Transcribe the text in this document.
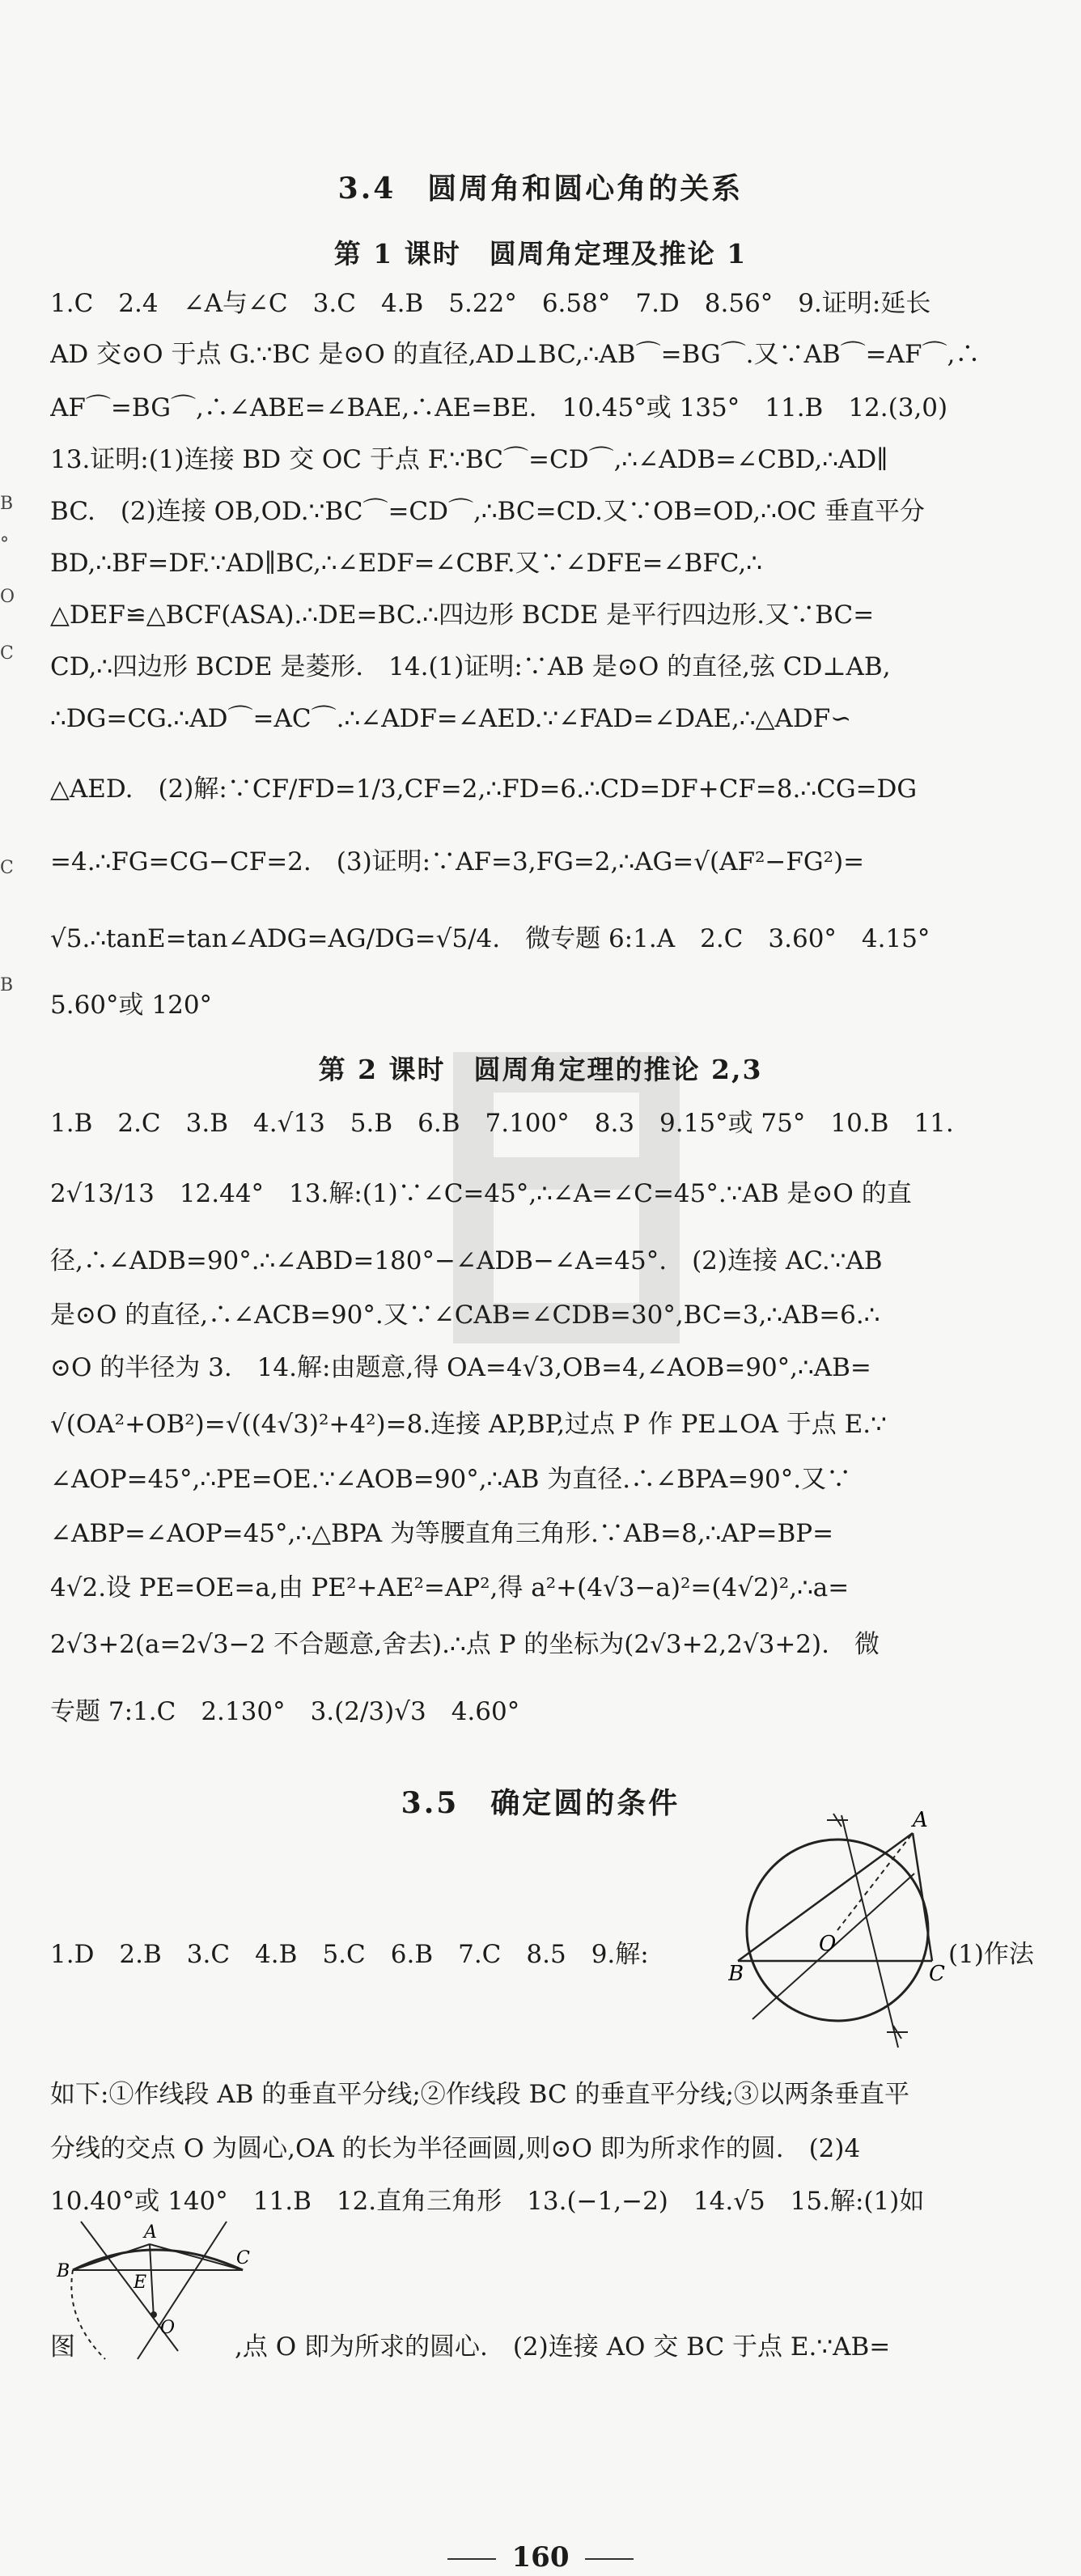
3.4　圆周角和圆心角的关系
第 1 课时　圆周角定理及推论 1
1.C　2.4　∠A与∠C　3.C　4.B　5.22°　6.58°　7.D　8.56°　9.证明:延长
AD 交⊙O 于点 G.∵BC 是⊙O 的直径,AD⊥BC,∴AB⌒=BG⌒.又∵AB⌒=AF⌒,∴
AF⌒=BG⌒,∴∠ABE=∠BAE,∴AE=BE.　10.45°或 135°　11.B　12.(3,0)
13.证明:(1)连接 BD 交 OC 于点 F.∵BC⌒=CD⌒,∴∠ADB=∠CBD,∴AD∥
BC.　(2)连接 OB,OD.∵BC⌒=CD⌒,∴BC=CD.又∵OB=OD,∴OC 垂直平分
BD,∴BF=DF.∵AD∥BC,∴∠EDF=∠CBF.又∵∠DFE=∠BFC,∴
△DEF≌△BCF(ASA).∴DE=BC.∴四边形 BCDE 是平行四边形.又∵BC=
CD,∴四边形 BCDE 是菱形.　14.(1)证明:∵AB 是⊙O 的直径,弦 CD⊥AB,
∴DG=CG.∴AD⌒=AC⌒.∴∠ADF=∠AED.∵∠FAD=∠DAE,∴△ADF∽
△AED.　(2)解:∵CF/FD=1/3,CF=2,∴FD=6.∴CD=DF+CF=8.∴CG=DG
=4.∴FG=CG−CF=2.　(3)证明:∵AF=3,FG=2,∴AG=√(AF²−FG²)=
√5.∴tanE=tan∠ADG=AG/DG=√5/4.　微专题 6:1.A　2.C　3.60°　4.15°
5.60°或 120°
第 2 课时　圆周角定理的推论 2,3
1.B　2.C　3.B　4.√13　5.B　6.B　7.100°　8.3　9.15°或 75°　10.B　11.
2√13/13　12.44°　13.解:(1)∵∠C=45°,∴∠A=∠C=45°.∵AB 是⊙O 的直
径,∴∠ADB=90°.∴∠ABD=180°−∠ADB−∠A=45°.　(2)连接 AC.∵AB
是⊙O 的直径,∴∠ACB=90°.又∵∠CAB=∠CDB=30°,BC=3,∴AB=6.∴
⊙O 的半径为 3.　14.解:由题意,得 OA=4√3,OB=4,∠AOB=90°,∴AB=
√(OA²+OB²)=√((4√3)²+4²)=8.连接 AP,BP,过点 P 作 PE⊥OA 于点 E.∵
∠AOP=45°,∴PE=OE.∵∠AOB=90°,∴AB 为直径.∴∠BPA=90°.又∵
∠ABP=∠AOP=45°,∴△BPA 为等腰直角三角形.∵AB=8,∴AP=BP=
4√2.设 PE=OE=a,由 PE²+AE²=AP²,得 a²+(4√3−a)²=(4√2)²,∴a=
2√3+2(a=2√3−2 不合题意,舍去).∴点 P 的坐标为(2√3+2,2√3+2).　微
专题 7:1.C　2.130°　3.(2/3)√3　4.60°
3.5　确定圆的条件
1.D　2.B　3.C　4.B　5.C　6.B　7.C　8.5　9.解:
A
B	C
O	(1)作法
如下:①作线段 AB 的垂直平分线;②作线段 BC 的垂直平分线;③以两条垂直平
分线的交点 O 为圆心,OA 的长为半径画圆,则⊙O 即为所求作的圆.　(2)4
10.40°或 140°　11.B　12.直角三角形　13.(−1,−2)　14.√5　15.解:(1)如
A
B
C
E
O
图	,点 O 即为所求的圆心.　(2)连接 AO 交 BC 于点 E.∵AB=
B
°
O
C
C
B
160
